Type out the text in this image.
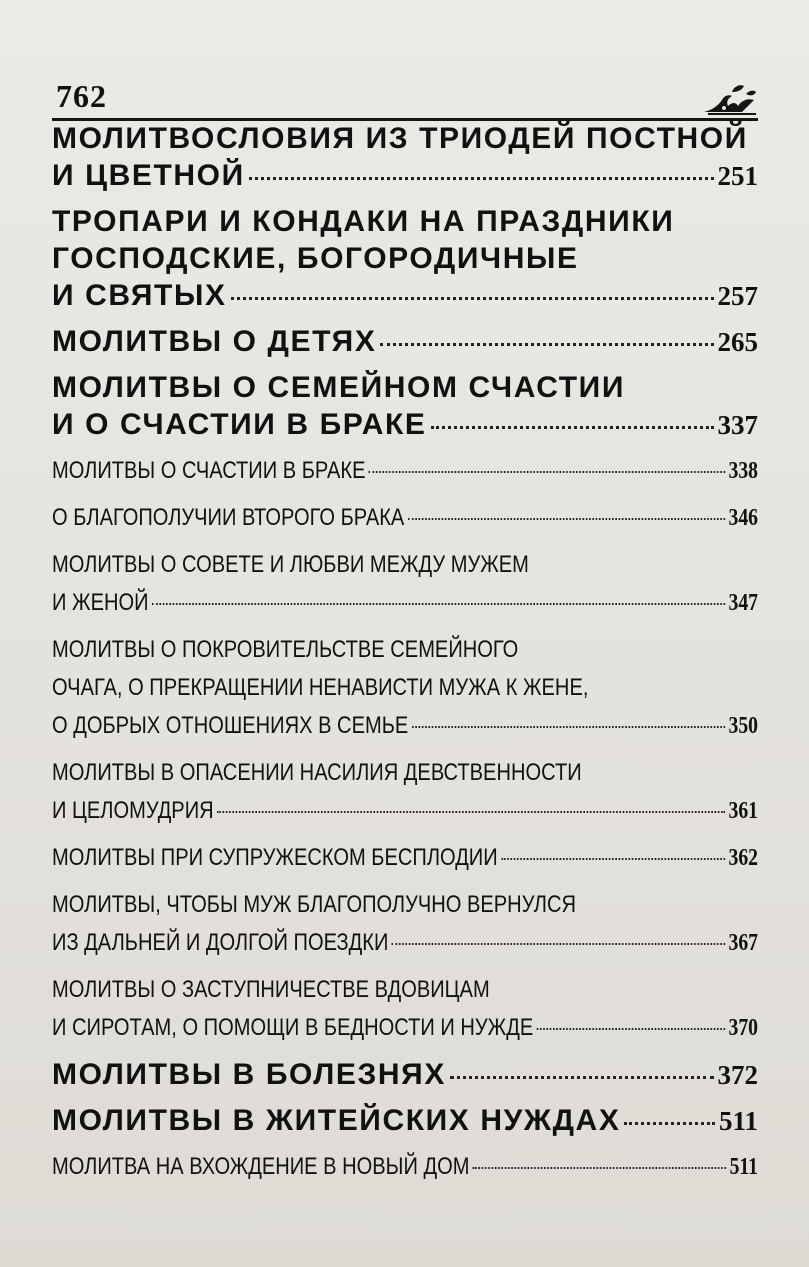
762
МОЛИТВОСЛОВИЯ ИЗ ТРИОДЕЙ ПОСТНОЙ
И ЦВЕТНОЙ	251
ТРОПАРИ И КОНДАКИ НА ПРАЗДНИКИ
ГОСПОДСКИЕ, БОГОРОДИЧНЫЕ
И СВЯТЫХ	257
МОЛИТВЫ О ДЕТЯХ	265
МОЛИТВЫ О СЕМЕЙНОМ СЧАСТИИ
И О СЧАСТИИ В БРАКЕ	337
МОЛИТВЫ О СЧАСТИИ В БРАКЕ	338
О БЛАГОПОЛУЧИИ ВТОРОГО БРАКА	346
МОЛИТВЫ О СОВЕТЕ И ЛЮБВИ МЕЖДУ МУЖЕМ
И ЖЕНОЙ	347
МОЛИТВЫ О ПОКРОВИТЕЛЬСТВЕ СЕМЕЙНОГО
ОЧАГА, О ПРЕКРАЩЕНИИ НЕНАВИСТИ МУЖА К ЖЕНЕ,
О ДОБРЫХ ОТНОШЕНИЯХ В СЕМЬЕ	350
МОЛИТВЫ В ОПАСЕНИИ НАСИЛИЯ ДЕВСТВЕННОСТИ
И ЦЕЛОМУДРИЯ	361
МОЛИТВЫ ПРИ СУПРУЖЕСКОМ БЕСПЛОДИИ	362
МОЛИТВЫ, ЧТОБЫ МУЖ БЛАГОПОЛУЧНО ВЕРНУЛСЯ
ИЗ ДАЛЬНЕЙ И ДОЛГОЙ ПОЕЗДКИ	367
МОЛИТВЫ О ЗАСТУПНИЧЕСТВЕ ВДОВИЦАМ
И СИРОТАМ, О ПОМОЩИ В БЕДНОСТИ И НУЖДЕ	370
МОЛИТВЫ В БОЛЕЗНЯХ	372
МОЛИТВЫ В ЖИТЕЙСКИХ НУЖДАХ	511
МОЛИТВА НА ВХОЖДЕНИЕ В НОВЫЙ ДОМ	511
